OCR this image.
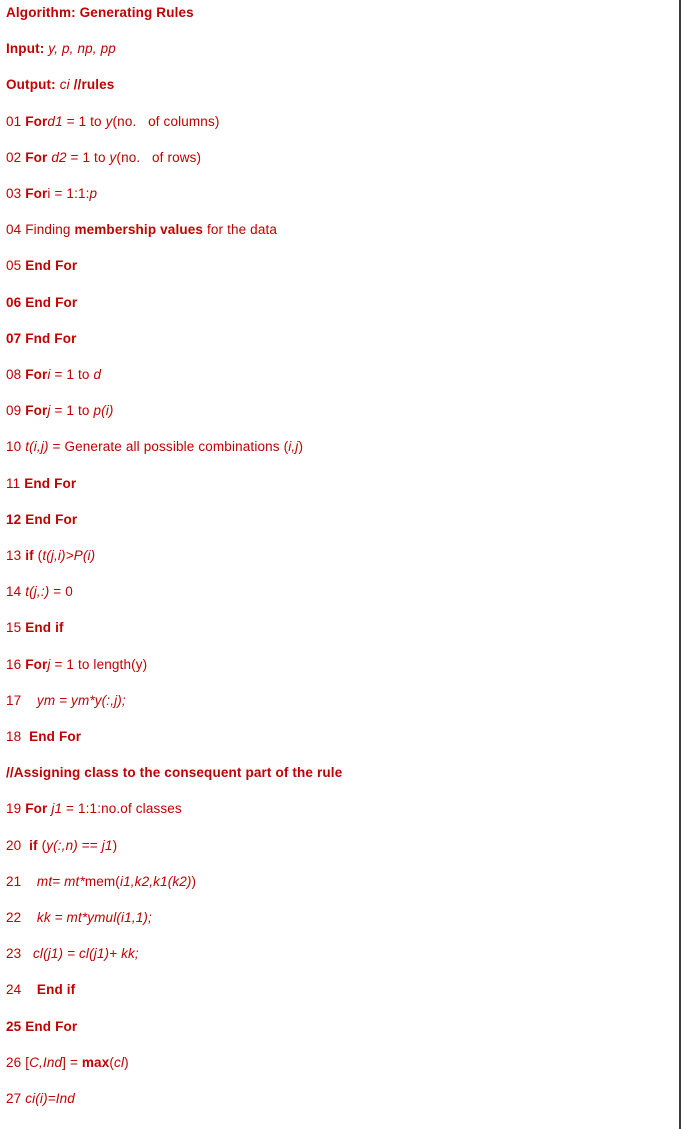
Algorithm: Generating Rules
Input: y, p, np, pp
Output: ci //rules
01 Ford1 = 1 to y(no.   of columns)
02 For d2 = 1 to y(no.   of rows)
03 Fori = 1:1:p
04 Finding membership values for the data
05 End For
06 End For
07 Fnd For
08 Fori = 1 to d
09 Forj = 1 to p(i)
10 t(i,j) = Generate all possible combinations (i,j)
11 End For
12 End For
13 if (t(j,i)>P(i)
14 t(j,:) = 0
15 End if
16 Forj = 1 to length(y)
17    ym = ym*y(:,j);
18  End For
//Assigning class to the consequent part of the rule
19 For j1 = 1:1:no.of classes
20  if (y(:,n) == j1)
21    mt= mt*mem(i1,k2,k1(k2))
22    kk = mt*ymul(i1,1);
23   cl(j1) = cl(j1)+ kk;
24    End if
25 End For
26 [C,Ind] = max(cl)
27 ci(i)=Ind
